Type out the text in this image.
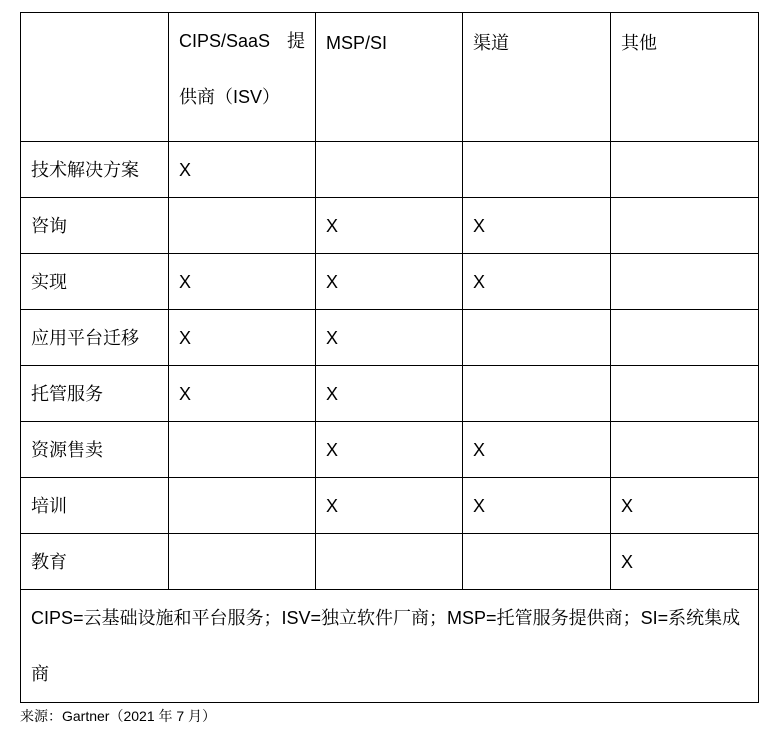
	CIPS/SaaS 提供商（ISV）	MSP/SI	渠道	其他
技术解决方案	X			
咨询		X	X	
实现	X	X	X	
应用平台迁移	X	X		
托管服务	X	X		
资源售卖		X	X	
培训		X	X	X
教育				X
CIPS=云基础设施和平台服务；ISV=独立软件厂商；MSP=托管服务提供商；SI=系统集成商				
来源：Gartner（2021 年 7 月）
